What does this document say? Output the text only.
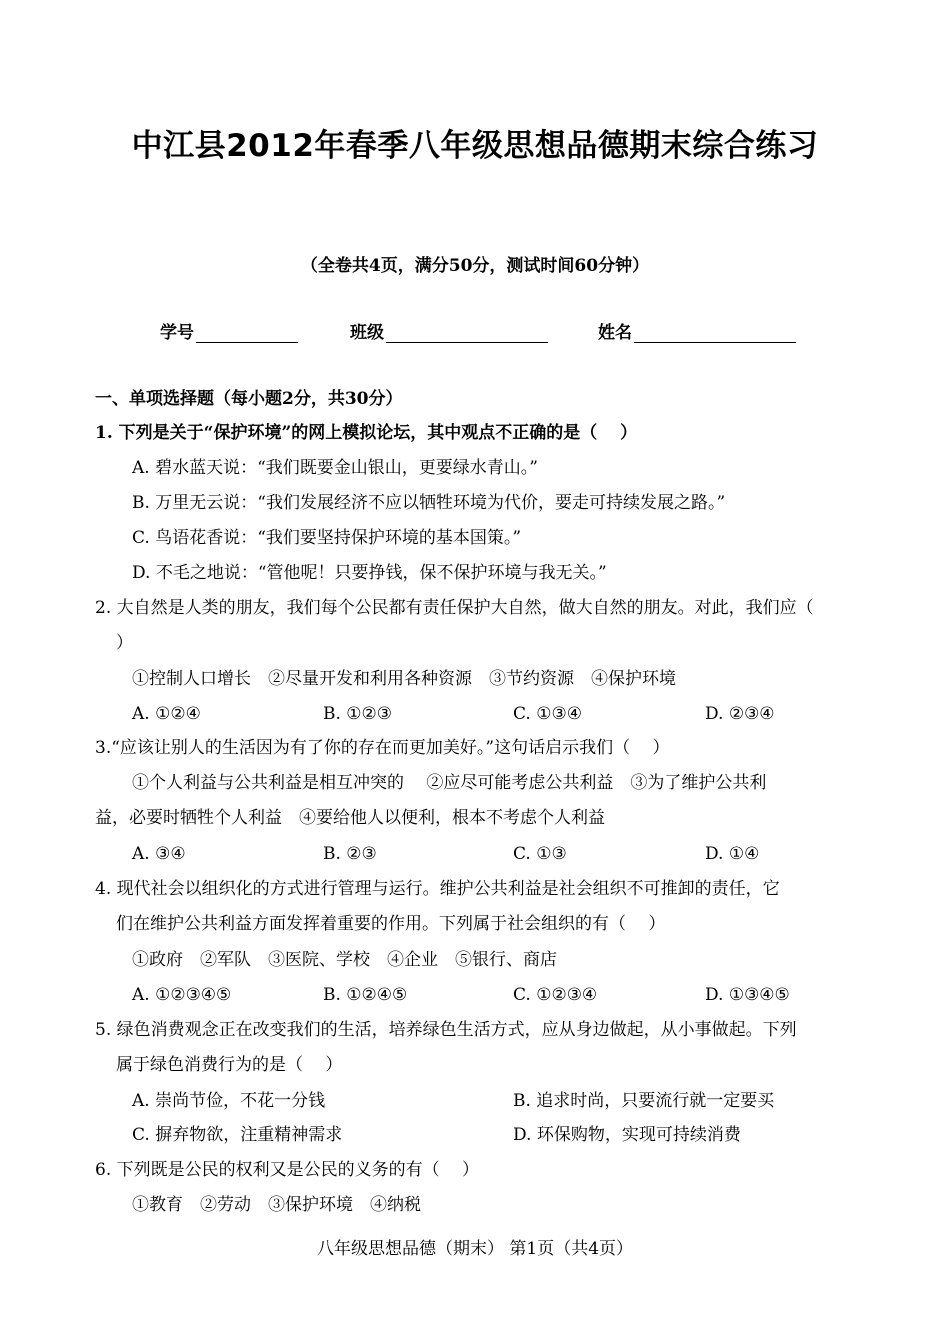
中江县2012年春季八年级思想品德期末综合练习
（全卷共4页，满分50分，测试时间60分钟）
学号	班级	姓名
一、单项选择题（每小题2分，共30分）
1. 下列是关于“保护环境”的网上模拟论坛，其中观点不正确的是（　 ）
A. 碧水蓝天说：“我们既要金山银山，更要绿水青山。”
B. 万里无云说：“我们发展经济不应以牺牲环境为代价，要走可持续发展之路。”
C. 鸟语花香说：“我们要坚持保护环境的基本国策。”
D. 不毛之地说：“管他呢！只要挣钱，保不保护环境与我无关。”
2. 大自然是人类的朋友，我们每个公民都有责任保护大自然，做大自然的朋友。对此，我们应（
）
①控制人口增长　②尽量开发和利用各种资源　③节约资源　④保护环境
A. ①②④	B. ①②③	C. ①③④	D. ②③④
3.“应该让别人的生活因为有了你的存在而更加美好。”这句话启示我们（　 ）
①个人利益与公共利益是相互冲突的　 ②应尽可能考虑公共利益　③为了维护公共利
益，必要时牺牲个人利益　④要给他人以便利，根本不考虑个人利益
A. ③④	B. ②③	C. ①③	D. ①④
4. 现代社会以组织化的方式进行管理与运行。维护公共利益是社会组织不可推卸的责任，它
们在维护公共利益方面发挥着重要的作用。下列属于社会组织的有（　 ）
①政府　②军队　③医院、学校　④企业　⑤银行、商店
A. ①②③④⑤	B. ①②④⑤	C. ①②③④	D. ①③④⑤
5. 绿色消费观念正在改变我们的生活，培养绿色生活方式，应从身边做起，从小事做起。下列
属于绿色消费行为的是（　 ）
A. 崇尚节俭，不花一分钱	B. 追求时尚，只要流行就一定要买
C. 摒弃物欲，注重精神需求	D. 环保购物，实现可持续消费
6. 下列既是公民的权利又是公民的义务的有（　 ）
①教育　②劳动　③保护环境　④纳税
八年级思想品德（期末） 第1页（共4页）
